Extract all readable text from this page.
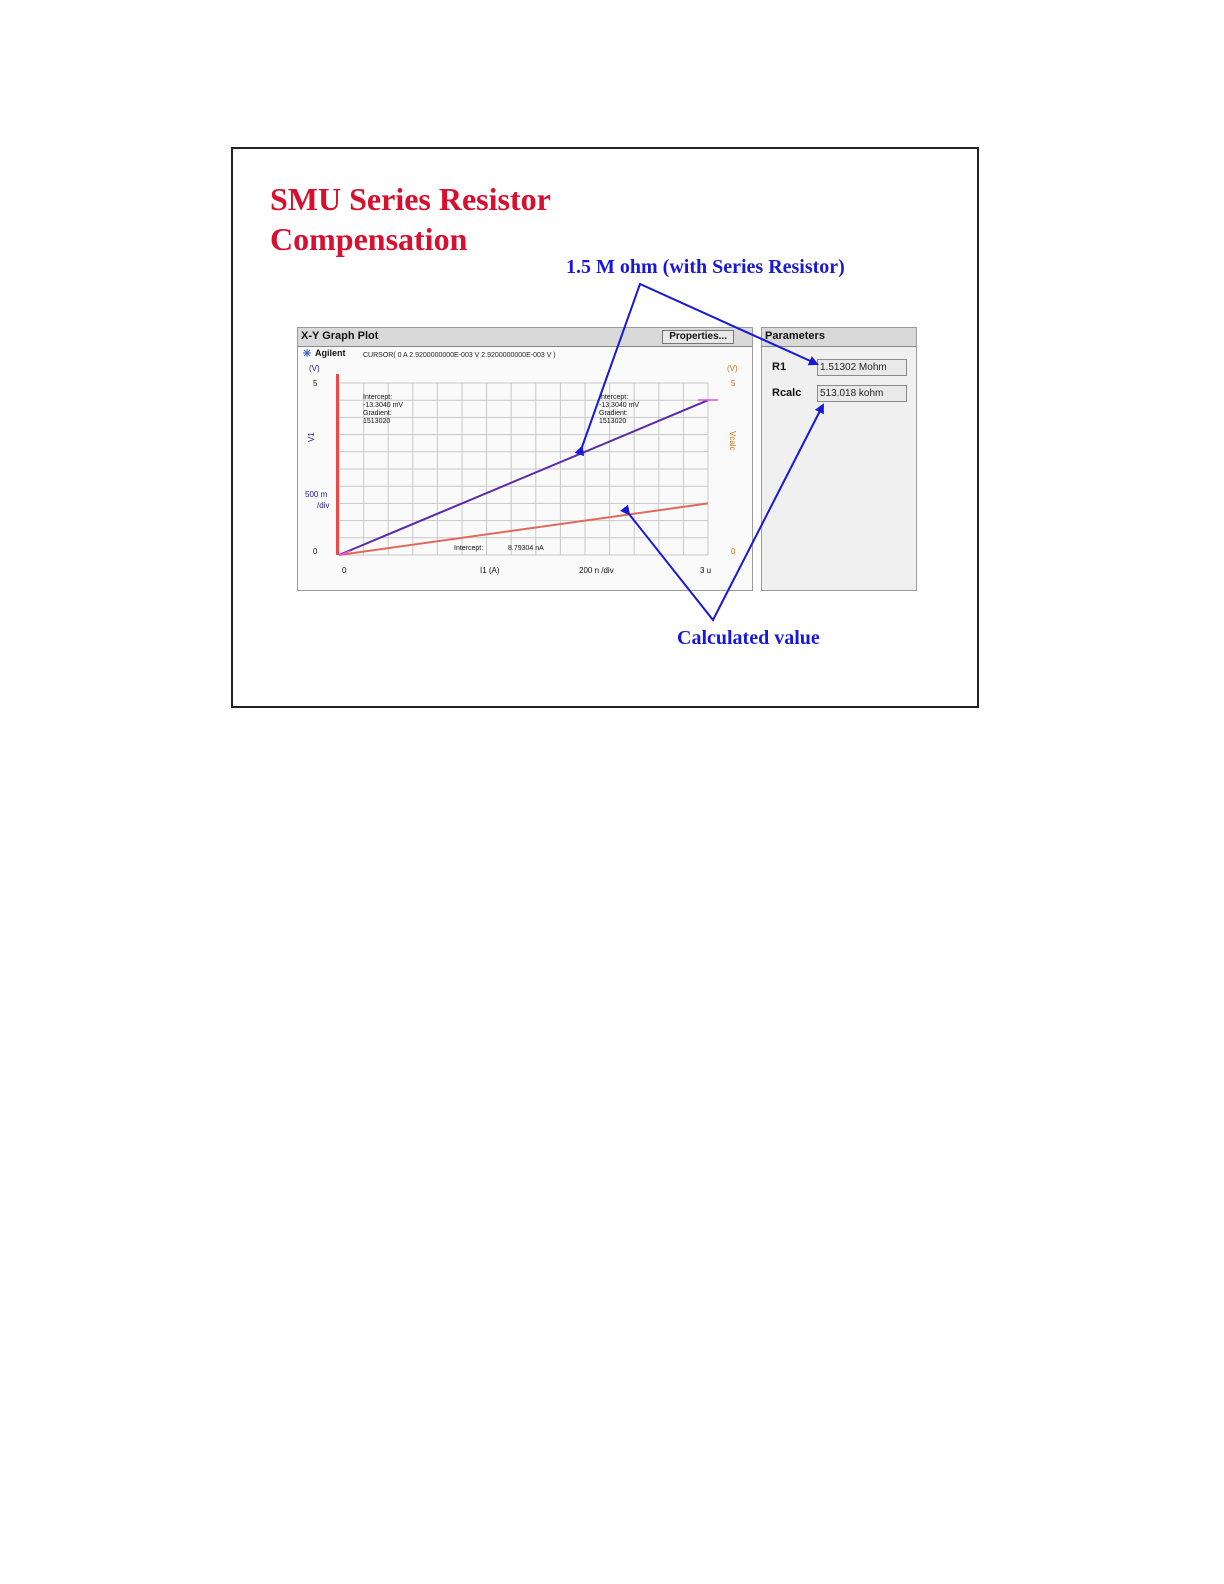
SMU Series Resistor Compensation

1.5 M ohm (with Series Resistor)

X-Y Graph Plot	Properties...
Agilent	CURSOR( 0 A 2.9200000000E-003 V 2.9200000000E-003 V )
(V)	(V)
5
0
500 m
/div
V1
5
0
Vcalc
0	I1 (A)	200 n /div	3 u
Intercept:
-13.3040 mV
Gradient:
1513020
Intercept:
-13.3040 mV
Gradient:
1513020
Intercept:	8.79304 nA
Parameters
R1
1.51302 Mohm
Rcalc
513.018 kohm

Calculated value
